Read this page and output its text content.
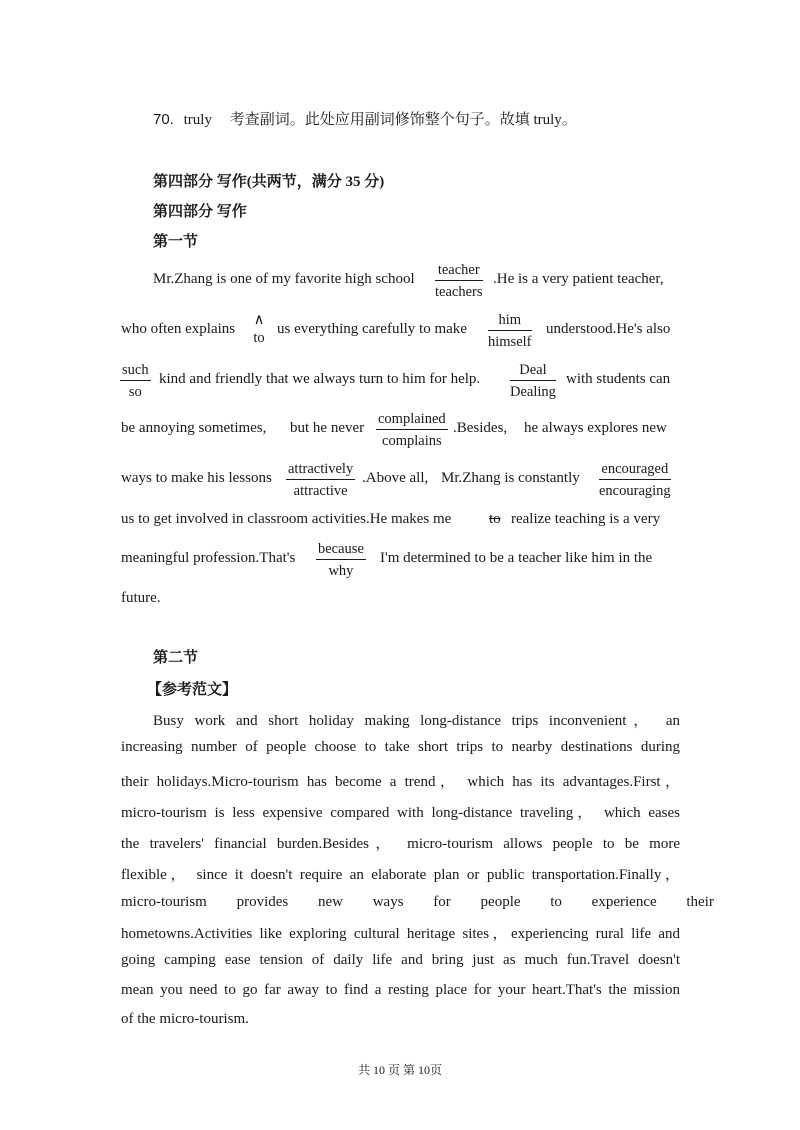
70. truly 考查副词。此处应用副词修饰整个句子。故填 truly。
第四部分 写作(共两节，满分 35 分)
第四部分 写作
第一节
Mr.Zhang is one of my favorite high school
teacher
teachers
.He is a very patient teacher,
who often explains
∧
to
us everything carefully to make
him
himself
understood.He's also
such
so
kind and friendly that we always turn to him for help.
Deal
Dealing
with students can
be annoying sometimes, but he never
complained
complains
.Besides, he always explores new
ways to make his lessons
attractively
attractive
.Above all, Mr.Zhang is constantly
encouraged
encouraging
us to get involved in classroom activities.He makes me	to realize teaching is a very
meaningful profession.That's
because
why
I'm determined to be a teacher like him in the
future.
第二节
【参考范文】
Busy work and short holiday making long-distance trips inconvenient， an
increasing number of people choose to take short trips to nearby destinations during
their holidays.Micro-tourism has become a trend， which has its advantages.First，
micro-tourism is less expensive compared with long-distance traveling， which eases
the travelers' financial burden.Besides， micro-tourism allows people to be more
flexible， since it doesn't require an elaborate plan or public transportation.Finally，
micro-tourism provides new ways for people to experience their
hometowns.Activities like exploring cultural heritage sites，experiencing rural life and
going camping ease tension of daily life and bring just as much fun.Travel doesn't
mean you need to go far away to find a resting place for your heart.That's the mission
of the micro-tourism.
共 10 页 第 10页
